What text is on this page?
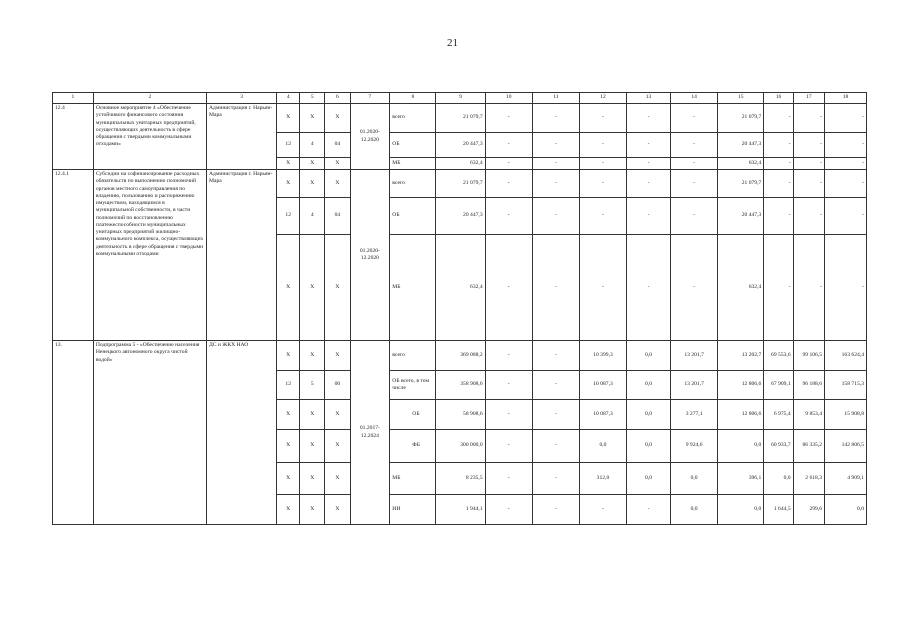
21
1	2	3	4	5	6	7	8	9	10	11	12	13	14	15	16	17	18
12.4	Основное мероприятие 4 «Обеспечение устойчивого финансового состояния муниципальных унитарных предприятий, осуществляющих деятельность в сфере обращения с твердыми коммунальными отходами»	Администрация г. Нарьян-Мара	Х	Х	Х	01.2020-12.2020	всего	21 079,7	-	-	-	-	-	21 079,7	-	-	-
			12	4	04		ОБ	20 447,3	-	-	-	-	-	20 447,3	-	-	-
			Х	Х	Х		МБ	632,4	-	-	-	-	-	632,4	-	-	-
12.4.1	Субсидии на софинансирование расходных обязательств по выполнению полномочий органов местного самоуправления по владению, пользованию и распоряжению имуществом, находящимся в муниципальной собственности, в части полномочий по восстановлению платежеспособности муниципальных унитарных предприятий жилищно-коммунального комплекса, осуществляющих деятельность в сфере обращения с твердыми коммунальными отходами	Администрация г. Нарьян-Мара	Х	Х	Х	01.2020-12.2020	всего	21 079,7	-	-	-	-	-	21 079,7	-	-	-
			12	4	04		ОБ	20 447,3	-	-	-	-	-	20 447,3	-	-	-
			Х	Х	Х		МБ	632,4	-	-	-	-	-	632,4	-	-	-
13.	Подпрограмма 5 - «Обеспечение населения Ненецкого автономного округа чистой водой»	ДС и ЖКХ НАО	Х	Х	Х	01.2017-12.2024	всего	369 088,2	-	-	10 399,3	0,0	13 201,7	13 202,7	69 553,6	99 106,5	163 624,4
			12	5	00		ОБ всего, в том числе	358 908,6	-	-	10 087,3	0,0	13 201,7	12 806,6	67 909,1	96 188,6	158 715,3
			Х	Х	Х		ОБ	58 908,6	-	-	10 087,3	0,0	3 277,1	12 806,6	6 975,4	9 853,4	15 908,8
			Х	Х	Х		ФБ	300 000,0	-	-	0,0	0,0	9 924,6	0,0	60 933,7	86 335,2	142 806,5
			Х	Х	Х		МБ	8 235,5	-	-	312,0	0,0	0,0	396,1	0,0	2 618,3	4 909,1
			Х	Х	Х		ИИ	1 944,1	-	-	-	-	0,0	0,0	1 644,5	299,6	0,0
